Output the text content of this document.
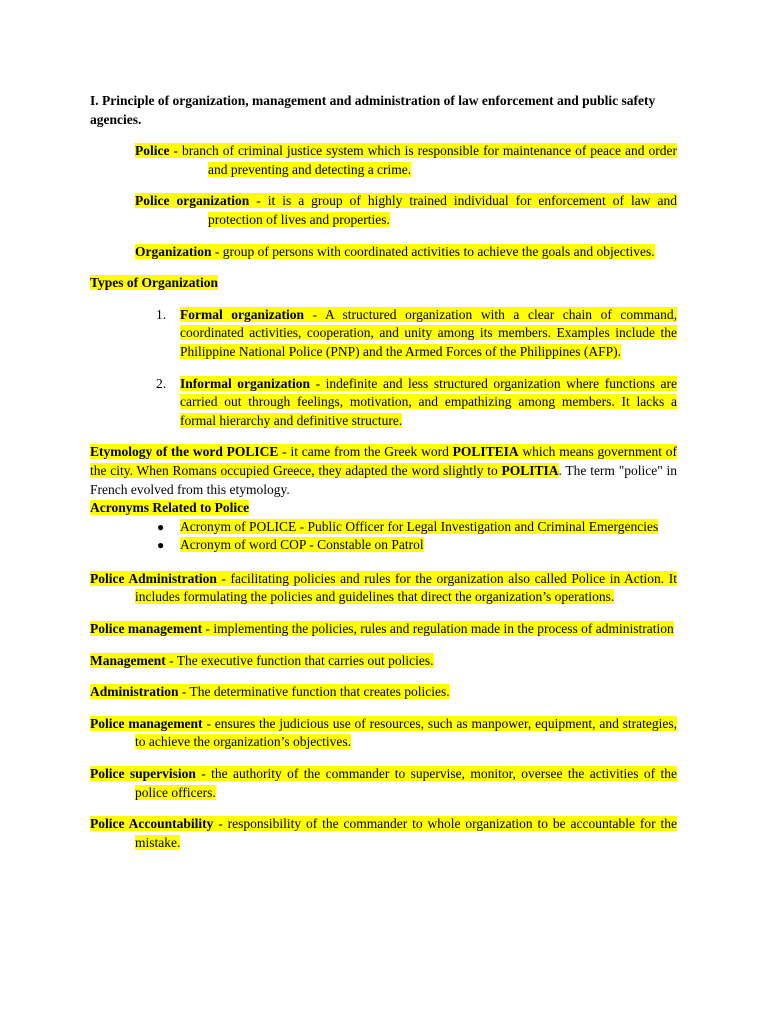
I. Principle of organization, management and administration of law enforcement and public safety agencies.

Police - branch of criminal justice system which is responsible for maintenance of peace and order and preventing and detecting a crime.

Police organization - it is a group of highly trained individual for enforcement of law and protection of lives and properties.

Organization - group of persons with coordinated activities to achieve the goals and objectives.

Types of Organization

1. Formal organization - A structured organization with a clear chain of command, coordinated activities, cooperation, and unity among its members. Examples include the Philippine National Police (PNP) and the Armed Forces of the Philippines (AFP).
2. Informal organization - indefinite and less structured organization where functions are carried out through feelings, motivation, and empathizing among members. It lacks a formal hierarchy and definitive structure.

Etymology of the word POLICE - it came from the Greek word POLITEIA which means government of the city. When Romans occupied Greece, they adapted the word slightly to POLITIA. The term "police" in French evolved from this etymology.

Acronyms Related to Police

● Acronym of POLICE - Public Officer for Legal Investigation and Criminal Emergencies
● Acronym of word COP - Constable on Patrol

Police Administration - facilitating policies and rules for the organization also called Police in Action. It includes formulating the policies and guidelines that direct the organization’s operations.

Police management - implementing the policies, rules and regulation made in the process of administration

Management - The executive function that carries out policies.

Administration - The determinative function that creates policies.

Police management - ensures the judicious use of resources, such as manpower, equipment, and strategies, to achieve the organization’s objectives.

Police supervision - the authority of the commander to supervise, monitor, oversee the activities of the police officers.

Police Accountability - responsibility of the commander to whole organization to be accountable for the mistake.
